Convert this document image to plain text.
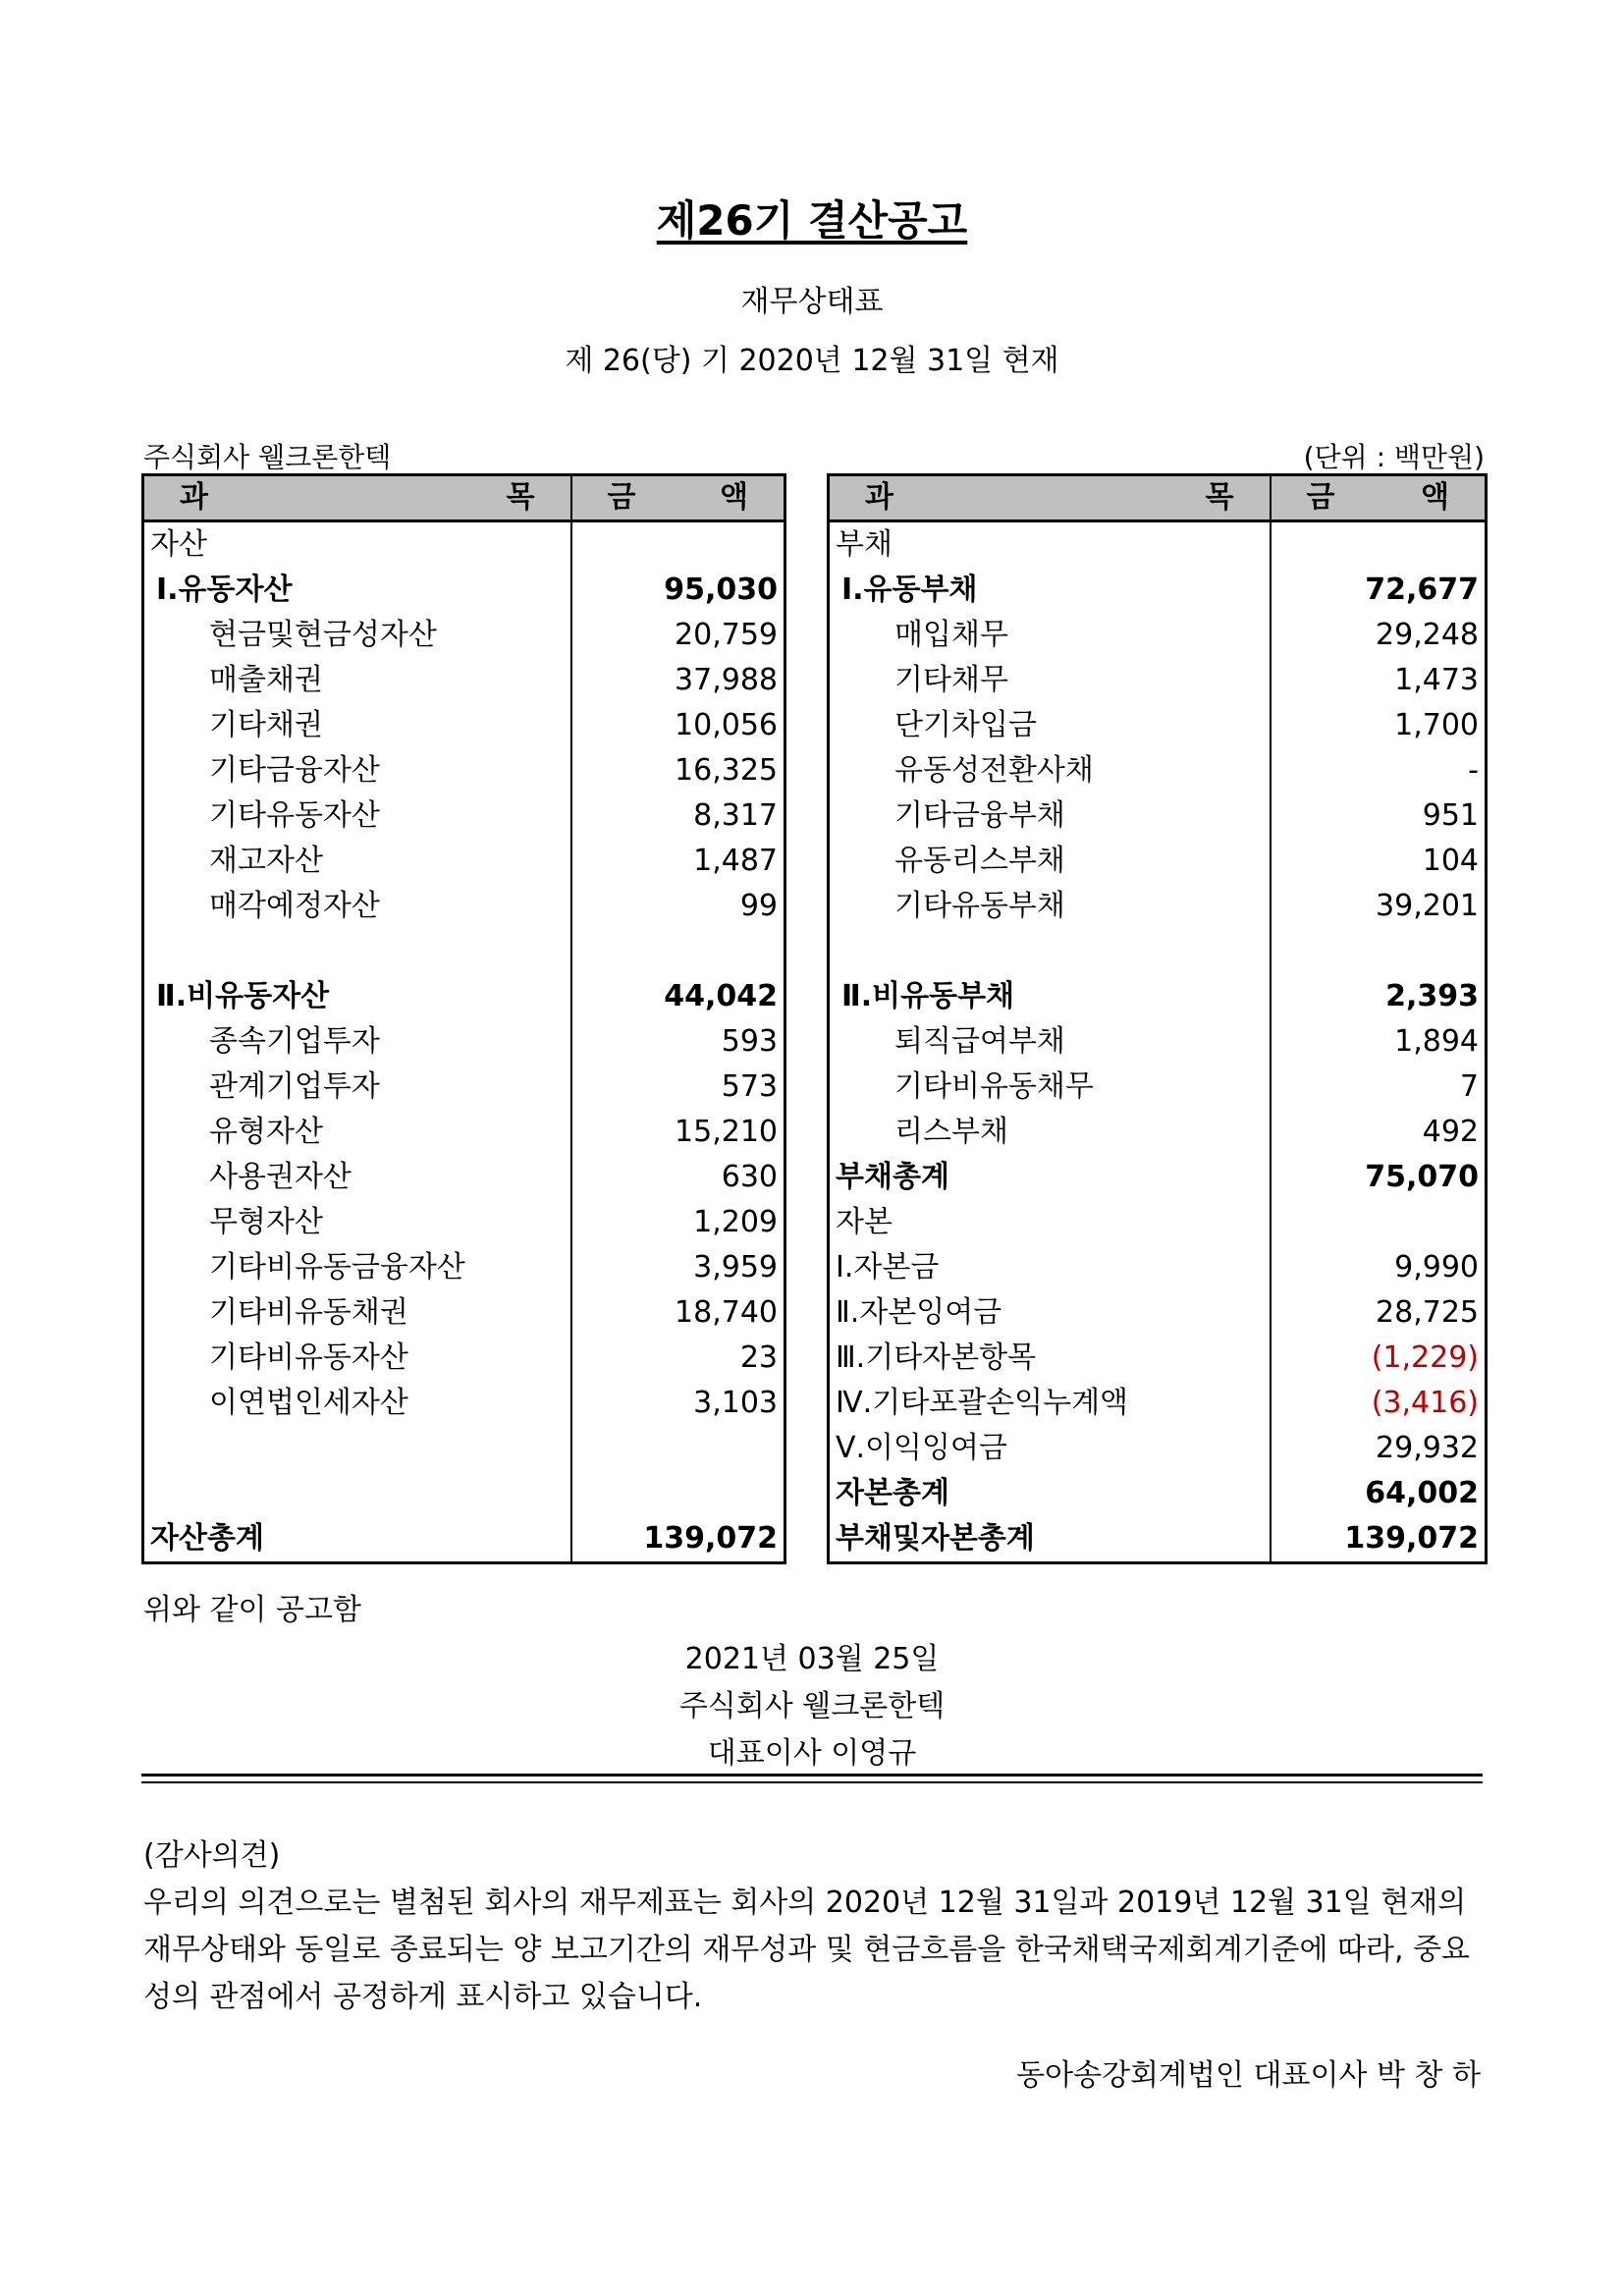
제26기 결산공고
재무상태표
제 26(당) 기 2020년 12월 31일 현재
주식회사 웰크론한텍	(단위 : 백만원)
과 목	금 액

자산	
Ⅰ.유동자산	95,030
현금및현금성자산	20,759
매출채권	37,988
기타채권	10,056
기타금융자산	16,325
기타유동자산	8,317
재고자산	1,487
매각예정자산	99

Ⅱ.비유동자산	44,042
종속기업투자	593
관계기업투자	573
유형자산	15,210
사용권자산	630
무형자산	1,209
기타비유동금융자산	3,959
기타비유동채권	18,740
기타비유동자산	23
이연법인세자산	3,103

자산총계	139,072
과 목	금 액

부채	
Ⅰ.유동부채	72,677
매입채무	29,248
기타채무	1,473
단기차입금	1,700
유동성전환사채	-
기타금융부채	951
유동리스부채	104
기타유동부채	39,201

Ⅱ.비유동부채	2,393
퇴직급여부채	1,894
기타비유동채무	7
리스부채	492
부채총계	75,070
자본	
Ⅰ.자본금	9,990
Ⅱ.자본잉여금	28,725
Ⅲ.기타자본항목	(1,229)
Ⅳ.기타포괄손익누계액	(3,416)
Ⅴ.이익잉여금	29,932
자본총계	64,002
부채및자본총계	139,072
위와 같이 공고함
2021년 03월 25일
주식회사 웰크론한텍
대표이사 이영규
(감사의견)
우리의 의견으로는 별첨된 회사의 재무제표는 회사의 2020년 12월 31일과 2019년 12월 31일 현재의 재무상태와 동일로 종료되는 양 보고기간의 재무성과 및 현금흐름을 한국채택국제회계기준에 따라, 중요성의 관점에서 공정하게 표시하고 있습니다.
동아송강회계법인 대표이사 박 창 하
